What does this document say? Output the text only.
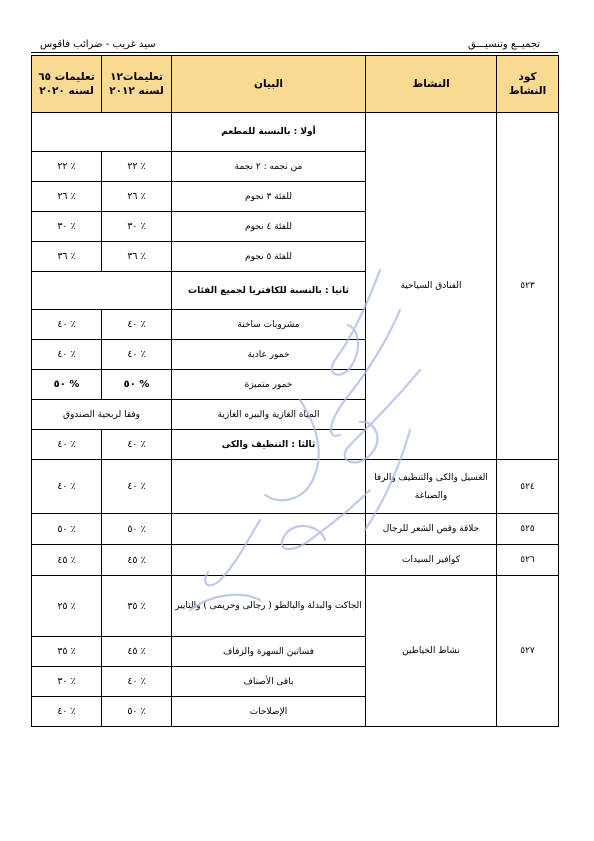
سيد غريب - ضرائب فاقوس	تجميــع وتنسيـــق
كود النشاط	النشاط	البيان	تعليمات١٢ لسنه ٢٠١٢	تعليمات ٦٥ لسنه ٢٠٢٠
٥٢٣	الفنادق السياحية	أولا : بالنسبة للمطعم		
		من نجمه : ٢ نجمة	٪ ٢٢	٪ ٢٢
		للفئة ٣ نجوم	٪ ٢٦	٪ ٢٦
		للفئة ٤ نجوم	٪ ٣٠	٪ ٣٠
		للفئة ٥ نجوم	٪ ٣٦	٪ ٣٦
		ثانيا : بالنسبة للكافتريا لجميع الفئات		
		مشروبات ساخنة	٪ ٤٠	٪ ٤٠
		خمور عادية	٪ ٤٠	٪ ٤٠
		خمور متميزة	% ٥٠	% ٥٠
		المياة الغازية والبيره الغازية	وفقا لربحية الصندوق	
		ثالثا : التنظيف والكى	٪ ٤٠	٪ ٤٠
٥٢٤	الغسيل والكى والتنظيف والرفا والصباغة		٪ ٤٠	٪ ٤٠
٥٢٥	حلاقة وقص الشعر للرجال		٪ ٥٠	٪ ٥٠
٥٢٦	كوافير السيدات		٪ ٤٥	٪ ٤٥
٥٢٧	نشاط الخياطين	الجاكت والبدلة والبالطو ( رجالى وحريمى ) والتايير	٪ ٣٥	٪ ٢٥
		فساتين السهرة والزفاف	٪ ٤٥	٪ ٣٥
		باقى الأصناف	٪ ٤٠	٪ ٣٠
		الإصلاحات	٪ ٥٠	٪ ٤٠
